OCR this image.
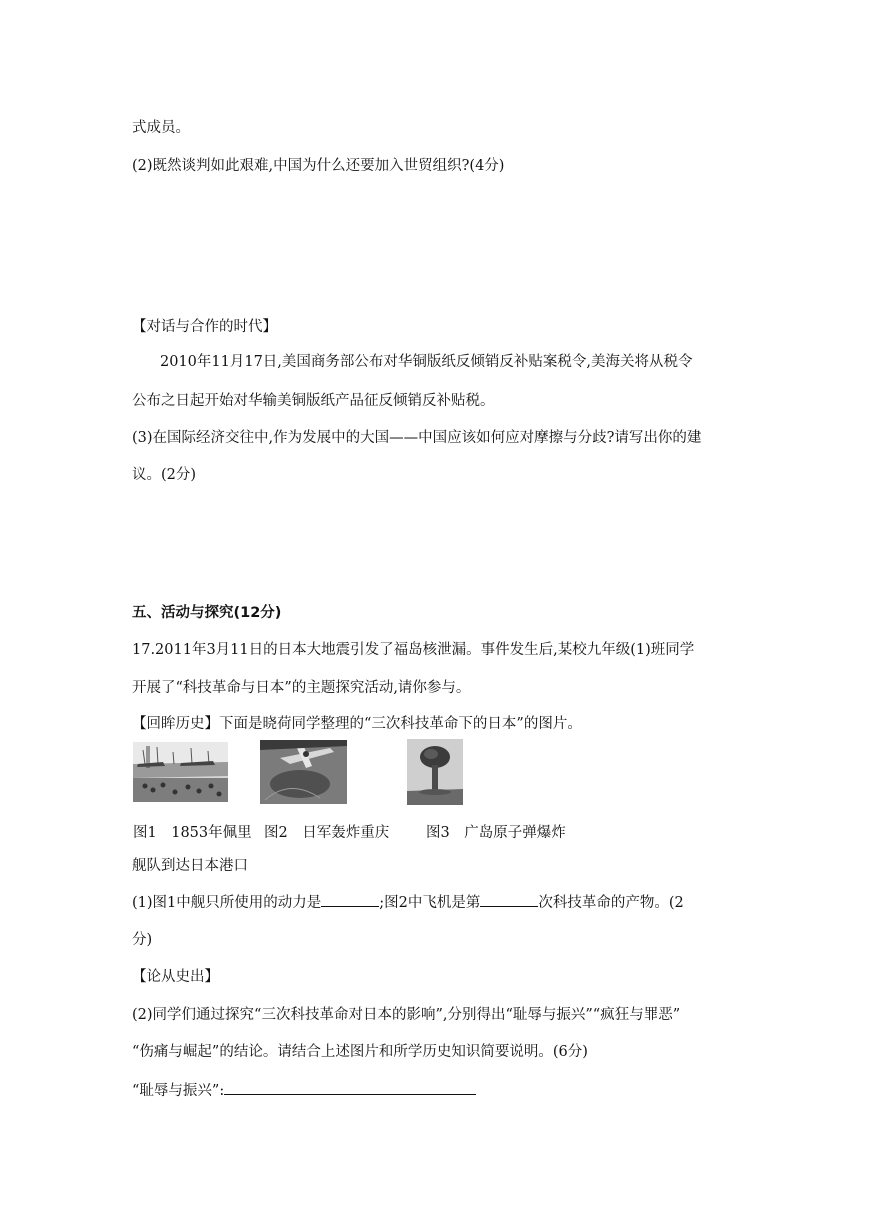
式成员。
(2)既然谈判如此艰难,中国为什么还要加入世贸组织?(4分)
【对话与合作的时代】
2010年11月17日,美国商务部公布对华铜版纸反倾销反补贴案税令,美海关将从税令
公布之日起开始对华输美铜版纸产品征反倾销反补贴税。
(3)在国际经济交往中,作为发展中的大国——中国应该如何应对摩擦与分歧?请写出你的建
议。(2分)
五、活动与探究(12分)
17.2011年3月11日的日本大地震引发了福岛核泄漏。事件发生后,某校九年级(1)班同学
开展了“科技革命与日本”的主题探究活动,请你参与。
【回眸历史】下面是晓荷同学整理的“三次科技革命下的日本”的图片。
图1　1853年佩里 图2　日军轰炸重庆	图3　广岛原子弹爆炸
舰队到达日本港口
(1)图1中舰只所使用的动力是	;图2中飞机是第	次科技革命的产物。(2
分)
【论从史出】
(2)同学们通过探究“三次科技革命对日本的影响”,分别得出“耻辱与振兴”“疯狂与罪恶”
“伤痛与崛起”的结论。请结合上述图片和所学历史知识简要说明。(6分)
“耻辱与振兴”:
